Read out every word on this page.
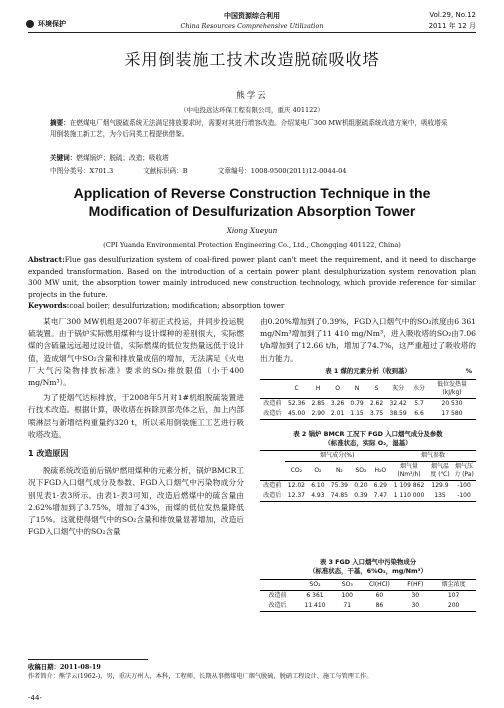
环境保护
中国资源综合利用
China Resources Comprehensive Utilization
Vol.29, No.12
2011 年 12 月
采用倒装施工技术改造脱硫吸收塔
熊学云
（中电投远达环保工程有限公司，重庆 401122）
摘要：在燃煤电厂烟气脱硫系统无法满足排放要求时，需要对其进行增容改造。介绍某电厂300 MW机组脱硫系统改造方案中，吸收塔采用倒装施工新工艺，为今后同类工程提供借鉴。
关键词：燃煤锅炉；脱硫；改造；吸收塔
中图分类号：X701.3	文献标识码：B	文章编号：1008-9500(2011)12-0044-04
Application of Reverse Construction Technique in the
Modification of Desulfurization Absorption Tower
Xiong Xueyun
(CPI Yuanda Environmental Protection Engineering Co., Ltd., Chongqing 401122, China)
Abstract:Flue gas desulfurization system of coal-fired power plant can't meet the requirement, and it need to discharge expanded transformation. Based on the introduction of a certain power plant desulphurization system renovation plan 300 MW unit, the absorption tower mainly introduced new construction technology, which provide reference for similar projects in the future.
Keywords:coal boiler; desulfurization; modification; absorption tower
某电厂300 MW机组是2007年初正式投运，并同步投运脱硫装置。由于锅炉实际燃用煤种与设计煤种的差别很大，实际燃煤的含硫量远远超过设计值，实际燃煤的低位发热量远低于设计值，造成烟气中SO₂含量和排放量成倍的增加，无法满足《火电厂大气污染物排放标准》要求的SO₂排放限值（小于400 mg/Nm³）。
为了使烟气达标排放，于2008年5月对1#机组脱硫装置进行技术改造。根据计算，吸收塔在拆除顶部壳体之后，加上内部喷淋层与新增结构重量约320 t，所以采用倒装施工工艺进行吸收塔改造。
1 改造原因
脱硫系统改造前后锅炉燃用煤种的元素分析，锅炉BMCR工况下FGD入口烟气成分及参数、FGD入口烟气中污染物成分分别见表1-表3所示。由表1-表3可知，改造后燃煤中的硫含量由2.62%增加到了3.75%，增加了43%，而煤的低位发热量降低了15%。这就使得烟气中的SO₂含量和排放量显著增加，改造后FGD入口烟气中的SO₂含量
由0.20%增加到了0.39%，FGD入口烟气中的SO₂浓度由6 361 mg/Nm³增加到了11 410 mg/Nm³，进入吸收塔的SO₂由7.06 t/h增加到了12.66 t/h，增加了74.7%，这严重超过了吸收塔的出力能力。
表 1 煤的元素分析（收到基）	%
	C	H	O	N	S	灰分	水分	低位发热量 (kJ/kg)
改造前	52.36	2.85	3.26	0.79	2.62	32.42	5.7	20 530
改造后	45.00	2.90	2.01	1.15	3.75	38.59	6.6	17 580
表 2 锅炉 BMCR 工况下 FGD 入口烟气成分及参数
（标准状态，实际 O₂，湿基）
	烟气成分(%)					烟气参数		
	CO₂	O₂	N₂	SO₂	H₂O	烟气量 (Nm³/h)	烟气温度 (℃)	烟气压力 (Pa)
改造前	12.02	6.10	75.39	0.20	6.29	1 109 862	129.9	-100
改造后	12.37	4.93	74.85	0.39	7.47	1 110 000	135	-100
表 3 FGD 入口烟气中污染物成分
（标准状态，干基，6%O₂，mg/Nm³）
	SO₂	SO₃	Cl(HCl)	F(HF)	烟尘浓度
改造前	6 361	100	60	30	107
改造后	11 410	71	86	30	200
收稿日期：2011-08-19
作者简介：熊学云(1962-)，男，重庆万州人，本科，工程师，长期从事燃煤电厂烟气脱硫、脱硝工程设计、施工与管理工作。
-44-
